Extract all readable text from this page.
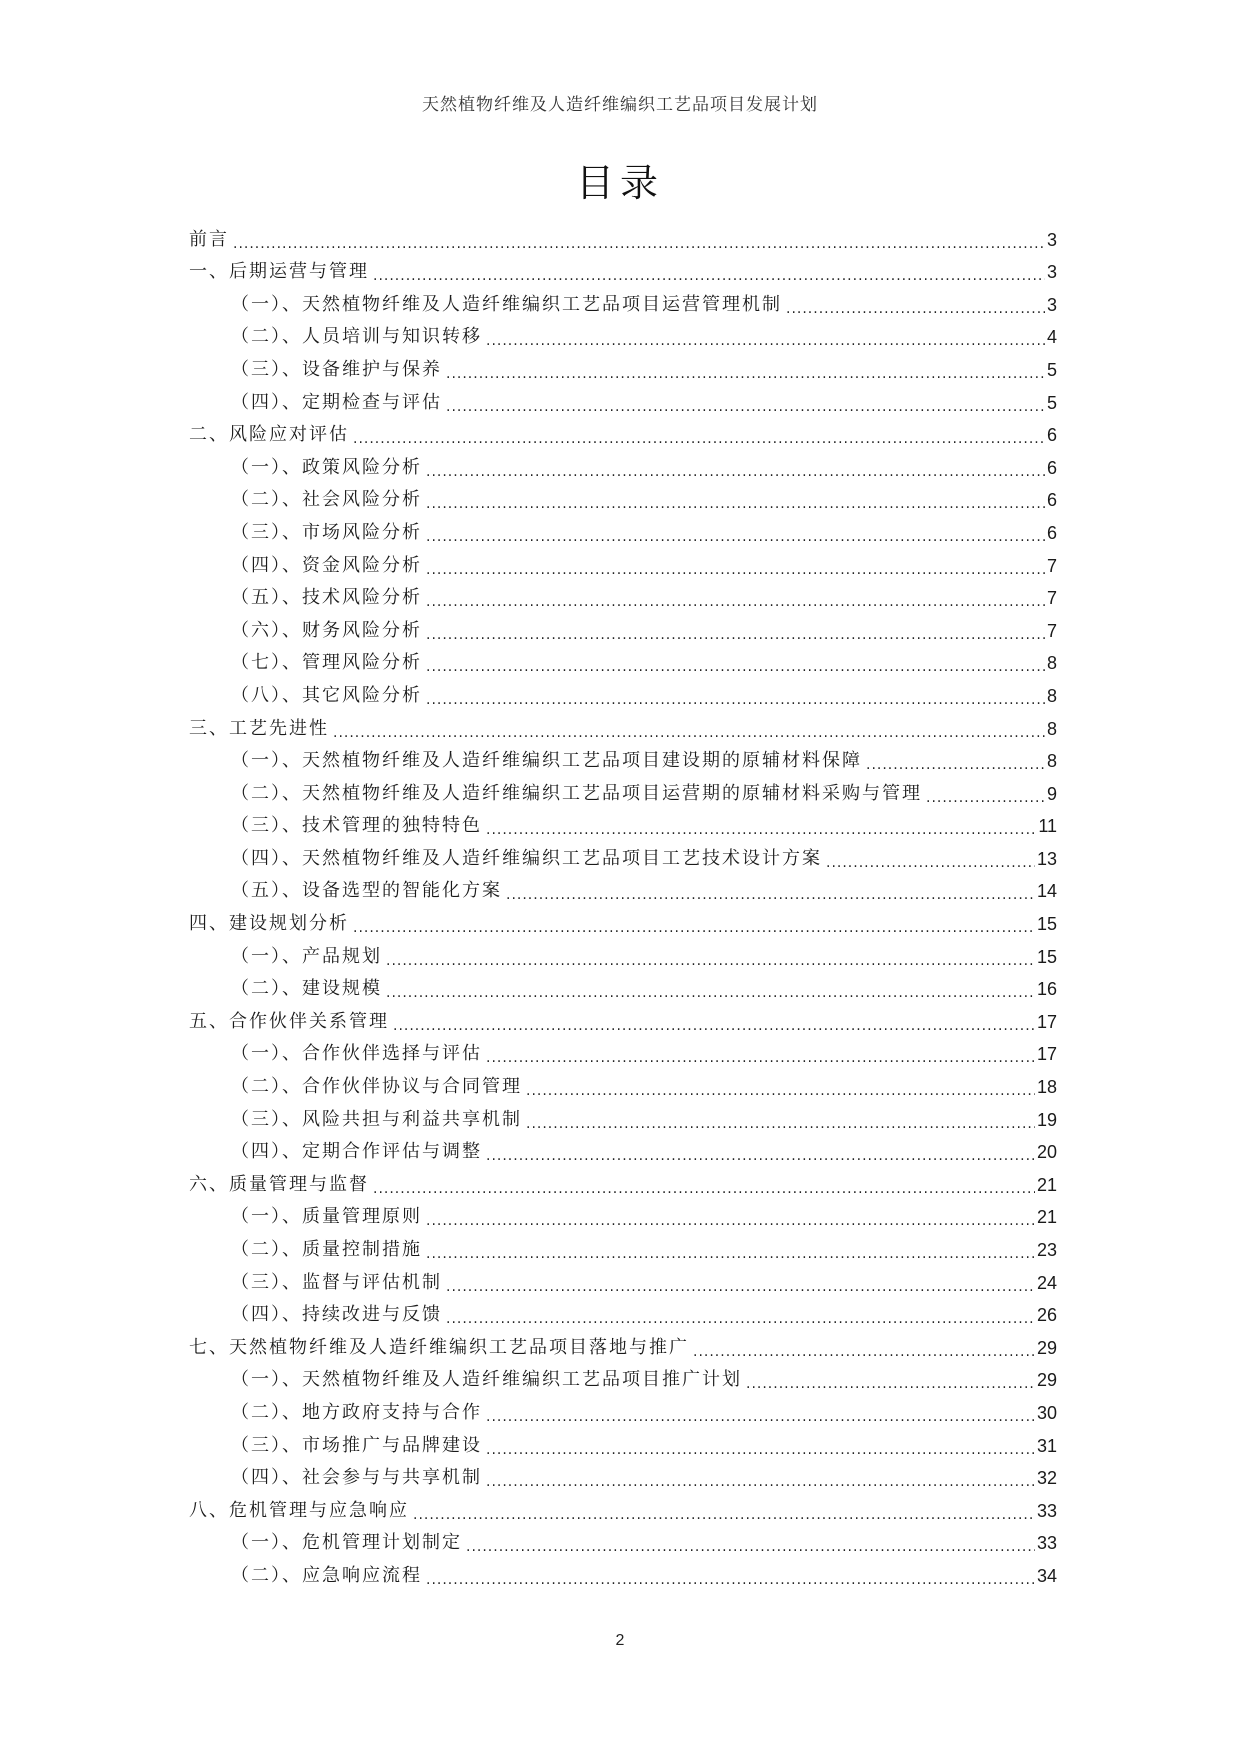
天然植物纤维及人造纤维编织工艺品项目发展计划
目录
前言 .....	3
一、后期运营与管理 .....	3
（一）、天然植物纤维及人造纤维编织工艺品项目运营管理机制 .....	3
（二）、人员培训与知识转移 .....	4
（三）、设备维护与保养 .....	5
（四）、定期检查与评估 .....	5
二、风险应对评估 .....	6
（一）、政策风险分析 .....	6
（二）、社会风险分析 .....	6
（三）、市场风险分析 .....	6
（四）、资金风险分析 .....	7
（五）、技术风险分析 .....	7
（六）、财务风险分析 .....	7
（七）、管理风险分析 .....	8
（八）、其它风险分析 .....	8
三、工艺先进性 .....	8
（一）、天然植物纤维及人造纤维编织工艺品项目建设期的原辅材料保障 .....	8
（二）、天然植物纤维及人造纤维编织工艺品项目运营期的原辅材料采购与管理 .....	9
（三）、技术管理的独特特色 .....	11
（四）、天然植物纤维及人造纤维编织工艺品项目工艺技术设计方案 .....	13
（五）、设备选型的智能化方案 .....	14
四、建设规划分析 .....	15
（一）、产品规划 .....	15
（二）、建设规模 .....	16
五、合作伙伴关系管理 .....	17
（一）、合作伙伴选择与评估 .....	17
（二）、合作伙伴协议与合同管理 .....	18
（三）、风险共担与利益共享机制 .....	19
（四）、定期合作评估与调整 .....	20
六、质量管理与监督 .....	21
（一）、质量管理原则 .....	21
（二）、质量控制措施 .....	23
（三）、监督与评估机制 .....	24
（四）、持续改进与反馈 .....	26
七、天然植物纤维及人造纤维编织工艺品项目落地与推广 .....	29
（一）、天然植物纤维及人造纤维编织工艺品项目推广计划 .....	29
（二）、地方政府支持与合作 .....	30
（三）、市场推广与品牌建设 .....	31
（四）、社会参与与共享机制 .....	32
八、危机管理与应急响应 .....	33
（一）、危机管理计划制定 .....	33
（二）、应急响应流程 .....	34
2
